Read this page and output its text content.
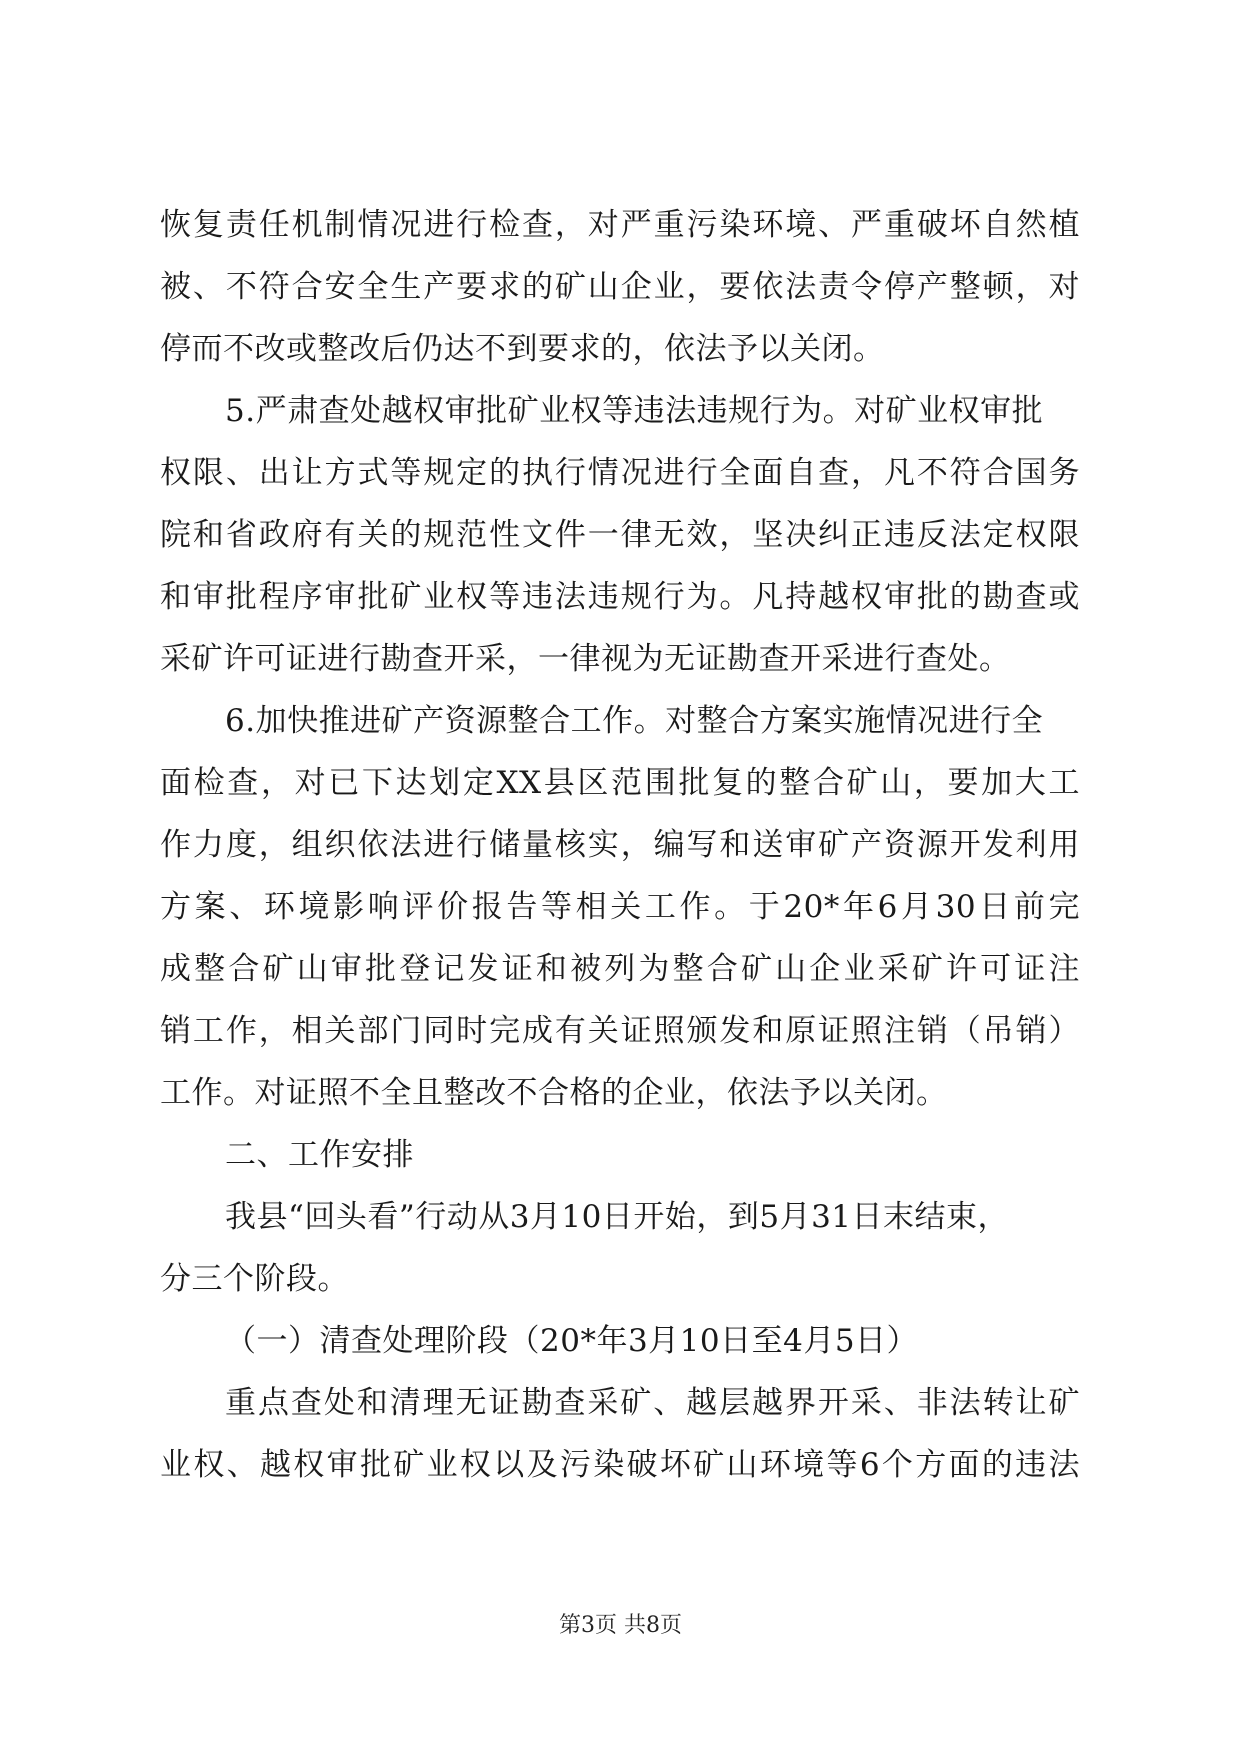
恢复责任机制情况进行检查，对严重污染环境、严重破坏自然植
被、不符合安全生产要求的矿山企业，要依法责令停产整顿，对
停而不改或整改后仍达不到要求的，依法予以关闭。
5.严肃查处越权审批矿业权等违法违规行为。对矿业权审批
权限、出让方式等规定的执行情况进行全面自查，凡不符合国务
院和省政府有关的规范性文件一律无效，坚决纠正违反法定权限
和审批程序审批矿业权等违法违规行为。凡持越权审批的勘查或
采矿许可证进行勘查开采，一律视为无证勘查开采进行查处。
6.加快推进矿产资源整合工作。对整合方案实施情况进行全
面检查，对已下达划定XX县区范围批复的整合矿山，要加大工
作力度，组织依法进行储量核实，编写和送审矿产资源开发利用
方案、环境影响评价报告等相关工作。于20*年6月30日前完
成整合矿山审批登记发证和被列为整合矿山企业采矿许可证注
销工作，相关部门同时完成有关证照颁发和原证照注销（吊销）
工作。对证照不全且整改不合格的企业，依法予以关闭。
二、工作安排
我县“回头看”行动从3月10日开始，到5月31日末结束，
分三个阶段。
（一）清查处理阶段（20*年3月10日至4月5日）
重点查处和清理无证勘查采矿、越层越界开采、非法转让矿
业权、越权审批矿业权以及污染破坏矿山环境等6个方面的违法
第3页 共8页
